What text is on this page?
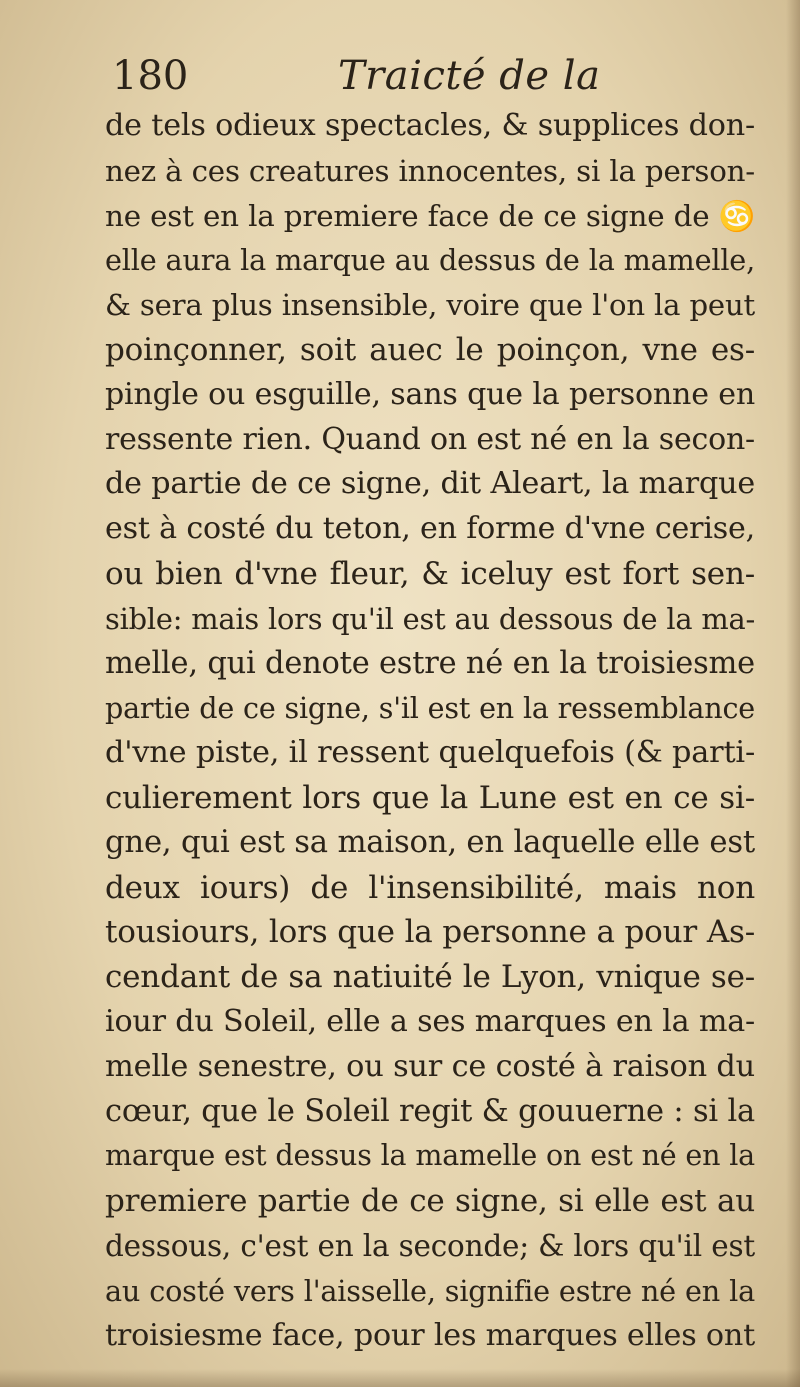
180	Traicté de la
de tels odieux spectacles, & supplices don-
nez à ces creatures innocentes, si la person-
ne est en la premiere face de ce signe de ♋
elle aura la marque au dessus de la mamelle,
& sera plus insensible, voire que l'on la peut
poinçonner, soit auec le poinçon, vne es-
pingle ou esguille, sans que la personne en
ressente rien. Quand on est né en la secon-
de partie de ce signe, dit Aleart, la marque
est à costé du teton, en forme d'vne cerise,
ou bien d'vne fleur, & iceluy est fort sen-
sible: mais lors qu'il est au dessous de la ma-
melle, qui denote estre né en la troisiesme
partie de ce signe, s'il est en la ressemblance
d'vne piste, il ressent quelquefois (& parti-
culierement lors que la Lune est en ce si-
gne, qui est sa maison, en laquelle elle est
deux iours) de l'insensibilité, mais non
tousiours, lors que la personne a pour As-
cendant de sa natiuité le Lyon, vnique se-
iour du Soleil, elle a ses marques en la ma-
melle senestre, ou sur ce costé à raison du
cœur, que le Soleil regit & gouuerne : si la
marque est dessus la mamelle on est né en la
premiere partie de ce signe, si elle est au
dessous, c'est en la seconde; & lors qu'il est
au costé vers l'aisselle, signifie estre né en la
troisiesme face, pour les marques elles ont
